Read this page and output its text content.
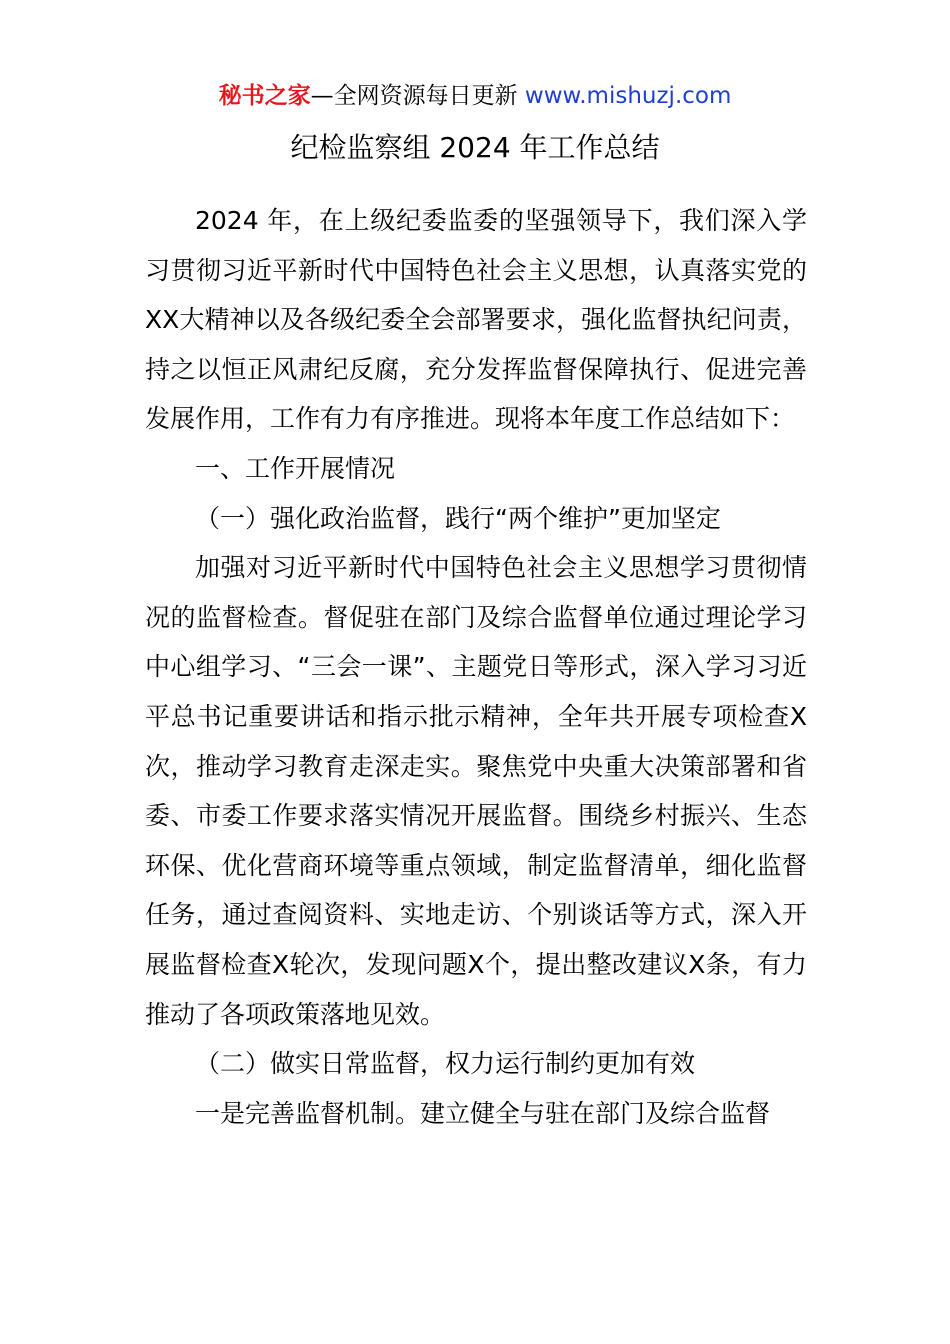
秘书之家—全网资源每日更新 www.mishuzj.com
纪检监察组 2024 年工作总结

2024 年，在上级纪委监委的坚强领导下，我们深入学习贯彻习近平新时代中国特色社会主义思想，认真落实党的XX大精神以及各级纪委全会部署要求，强化监督执纪问责，持之以恒正风肃纪反腐，充分发挥监督保障执行、促进完善发展作用，工作有力有序推进。现将本年度工作总结如下：

一、工作开展情况

（一）强化政治监督，践行“两个维护”更加坚定

加强对习近平新时代中国特色社会主义思想学习贯彻情况的监督检查。督促驻在部门及综合监督单位通过理论学习中心组学习、“三会一课”、主题党日等形式，深入学习习近平总书记重要讲话和指示批示精神，全年共开展专项检查X次，推动学习教育走深走实。聚焦党中央重大决策部署和省委、市委工作要求落实情况开展监督。围绕乡村振兴、生态环保、优化营商环境等重点领域，制定监督清单，细化监督任务，通过查阅资料、实地走访、个别谈话等方式，深入开展监督检查X轮次，发现问题X个，提出整改建议X条，有力推动了各项政策落地见效。

（二）做实日常监督，权力运行制约更加有效

一是完善监督机制。建立健全与驻在部门及综合监督
